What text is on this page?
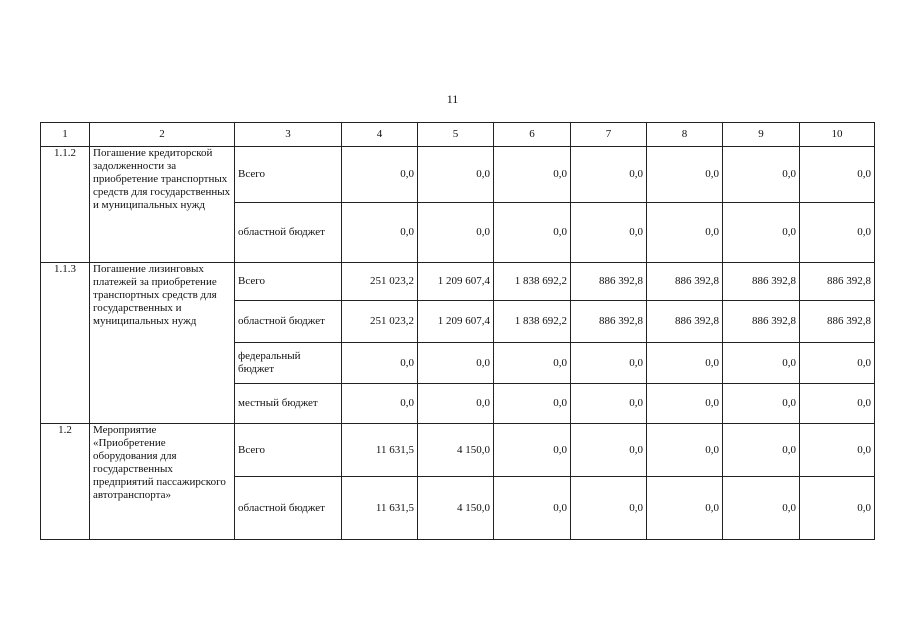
11
1	2	3	4	5	6	7	8	9	10
1.1.2	Погашение кредиторской задолженности за приобретение транспортных средств для государственных и муниципальных нужд	Всего	0,0	0,0	0,0	0,0	0,0	0,0	0,0
		областной бюджет	0,0	0,0	0,0	0,0	0,0	0,0	0,0
1.1.3	Погашение лизинговых платежей за приобретение транспортных средств для государственных и муниципальных нужд	Всего	251 023,2	1 209 607,4	1 838 692,2	886 392,8	886 392,8	886 392,8	886 392,8
		областной бюджет	251 023,2	1 209 607,4	1 838 692,2	886 392,8	886 392,8	886 392,8	886 392,8
		федеральный бюджет	0,0	0,0	0,0	0,0	0,0	0,0	0,0
		местный бюджет	0,0	0,0	0,0	0,0	0,0	0,0	0,0
1.2	Мероприятие «Приобретение оборудования для государственных предприятий пассажирского автотранспорта»	Всего	11 631,5	4 150,0	0,0	0,0	0,0	0,0	0,0
		областной бюджет	11 631,5	4 150,0	0,0	0,0	0,0	0,0	0,0
